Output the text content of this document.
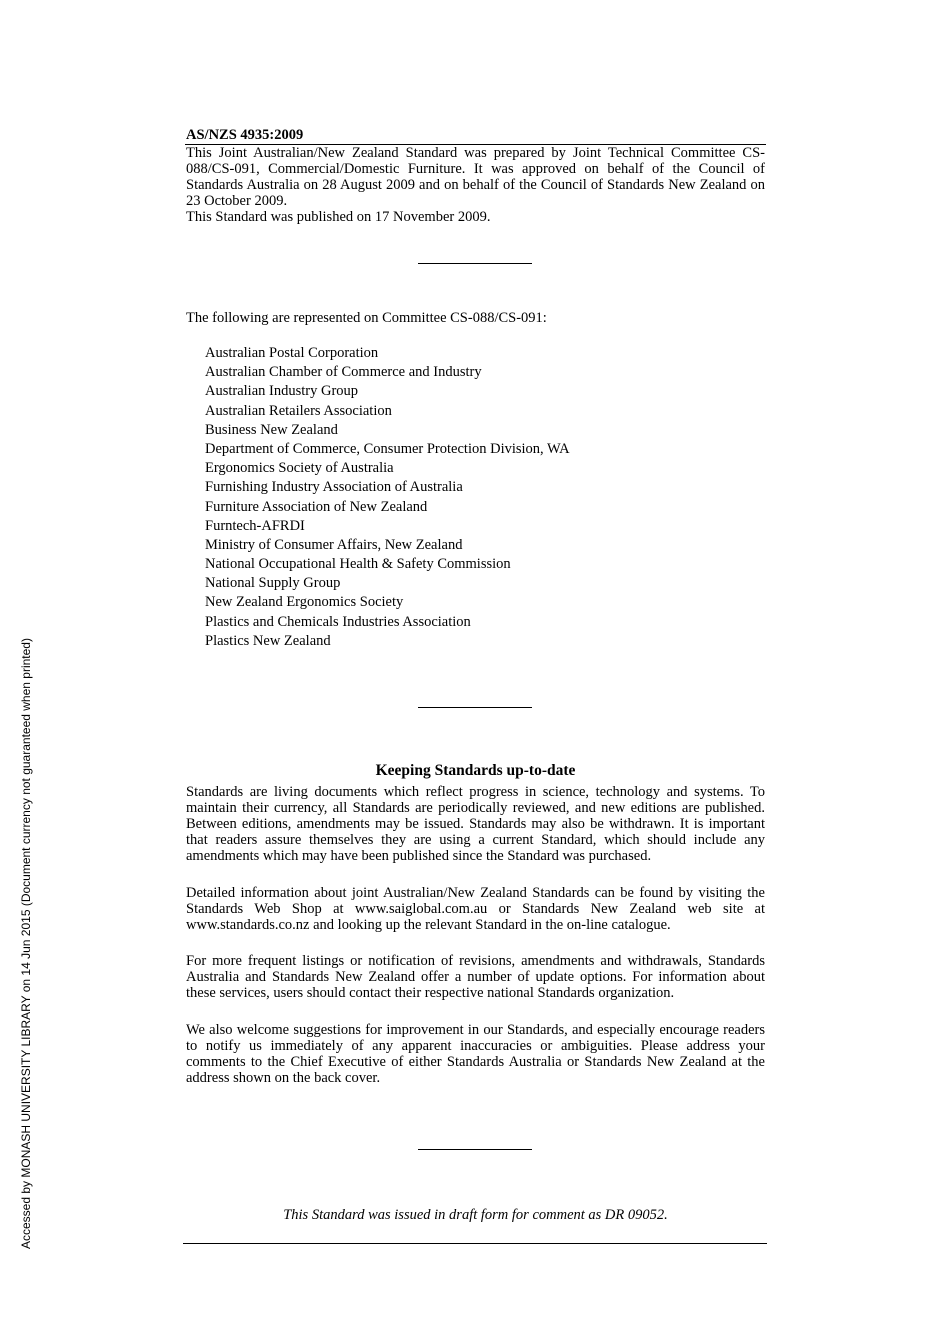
Accessed by MONASH UNIVERSITY LIBRARY on 14 Jun 2015 (Document currency not guaranteed when printed)
AS/NZS 4935:2009
This Joint Australian/New Zealand Standard was prepared by Joint Technical Committee CS-088/CS-091, Commercial/Domestic Furniture. It was approved on behalf of the Council of Standards Australia on 28 August 2009 and on behalf of the Council of Standards New Zealand on 23 October 2009.
This Standard was published on 17 November 2009.
The following are represented on Committee CS-088/CS-091:
Australian Postal Corporation
Australian Chamber of Commerce and Industry
Australian Industry Group
Australian Retailers Association
Business New Zealand
Department of Commerce, Consumer Protection Division, WA
Ergonomics Society of Australia
Furnishing Industry Association of Australia
Furniture Association of New Zealand
Furntech-AFRDI
Ministry of Consumer Affairs, New Zealand
National Occupational Health & Safety Commission
National Supply Group
New Zealand Ergonomics Society
Plastics and Chemicals Industries Association
Plastics New Zealand
Keeping Standards up-to-date

Standards are living documents which reflect progress in science, technology and systems. To maintain their currency, all Standards are periodically reviewed, and new editions are published. Between editions, amendments may be issued. Standards may also be withdrawn. It is important that readers assure themselves they are using a current Standard, which should include any amendments which may have been published since the Standard was purchased.

Detailed information about joint Australian/New Zealand Standards can be found by visiting the Standards Web Shop at www.saiglobal.com.au or Standards New Zealand web site at www.standards.co.nz and looking up the relevant Standard in the on-line catalogue.

For more frequent listings or notification of revisions, amendments and withdrawals, Standards Australia and Standards New Zealand offer a number of update options. For information about these services, users should contact their respective national Standards organization.

We also welcome suggestions for improvement in our Standards, and especially encourage readers to notify us immediately of any apparent inaccuracies or ambiguities. Please address your comments to the Chief Executive of either Standards Australia or Standards New Zealand at the address shown on the back cover.

This Standard was issued in draft form for comment as DR 09052.
